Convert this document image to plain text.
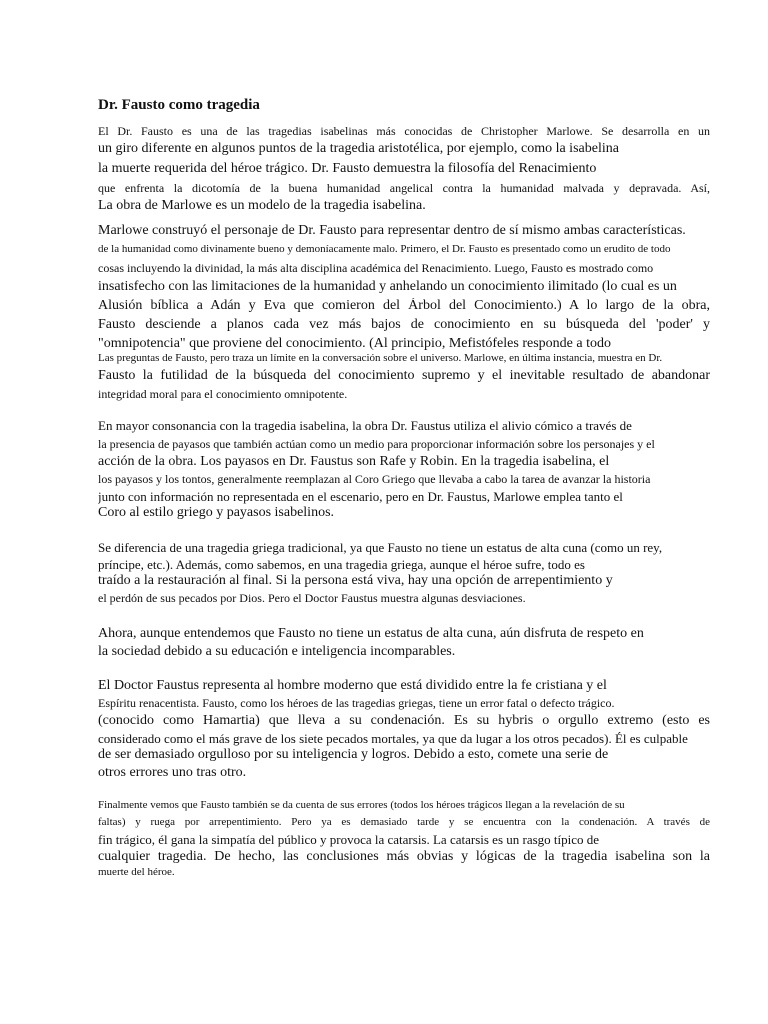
Dr. Fausto como tragedia
El Dr. Fausto es una de las tragedias isabelinas más conocidas de Christopher Marlowe. Se desarrolla en un
un giro diferente en algunos puntos de la tragedia aristotélica, por ejemplo, como la isabelina
la muerte requerida del héroe trágico. Dr. Fausto demuestra la filosofía del Renacimiento
que enfrenta la dicotomía de la buena humanidad angelical contra la humanidad malvada y depravada. Así,
La obra de Marlowe es un modelo de la tragedia isabelina.
Marlowe construyó el personaje de Dr. Fausto para representar dentro de sí mismo ambas características.
de la humanidad como divinamente bueno y demoníacamente malo. Primero, el Dr. Fausto es presentado como un erudito de todo
cosas incluyendo la divinidad, la más alta disciplina académica del Renacimiento. Luego, Fausto es mostrado como
insatisfecho con las limitaciones de la humanidad y anhelando un conocimiento ilimitado (lo cual es un
Alusión bíblica a Adán y Eva que comieron del Árbol del Conocimiento.) A lo largo de la obra,
Fausto desciende a planos cada vez más bajos de conocimiento en su búsqueda del 'poder' y
"omnipotencia" que proviene del conocimiento. (Al principio, Mefistófeles responde a todo
Las preguntas de Fausto, pero traza un límite en la conversación sobre el universo. Marlowe, en última instancia, muestra en Dr.
Fausto la futilidad de la búsqueda del conocimiento supremo y el inevitable resultado de abandonar
integridad moral para el conocimiento omnipotente.
En mayor consonancia con la tragedia isabelina, la obra Dr. Faustus utiliza el alivio cómico a través de
la presencia de payasos que también actúan como un medio para proporcionar información sobre los personajes y el
acción de la obra. Los payasos en Dr. Faustus son Rafe y Robin. En la tragedia isabelina, el
los payasos y los tontos, generalmente reemplazan al Coro Griego que llevaba a cabo la tarea de avanzar la historia
junto con información no representada en el escenario, pero en Dr. Faustus, Marlowe emplea tanto el
Coro al estilo griego y payasos isabelinos.
Se diferencia de una tragedia griega tradicional, ya que Fausto no tiene un estatus de alta cuna (como un rey,
príncipe, etc.). Además, como sabemos, en una tragedia griega, aunque el héroe sufre, todo es
traído a la restauración al final. Si la persona está viva, hay una opción de arrepentimiento y
el perdón de sus pecados por Dios. Pero el Doctor Faustus muestra algunas desviaciones.
Ahora, aunque entendemos que Fausto no tiene un estatus de alta cuna, aún disfruta de respeto en
la sociedad debido a su educación e inteligencia incomparables.
El Doctor Faustus representa al hombre moderno que está dividido entre la fe cristiana y el
Espíritu renacentista. Fausto, como los héroes de las tragedias griegas, tiene un error fatal o defecto trágico.
(conocido como Hamartia) que lleva a su condenación. Es su hybris o orgullo extremo (esto es
considerado como el más grave de los siete pecados mortales, ya que da lugar a los otros pecados). Él es culpable
de ser demasiado orgulloso por su inteligencia y logros. Debido a esto, comete una serie de
otros errores uno tras otro.
Finalmente vemos que Fausto también se da cuenta de sus errores (todos los héroes trágicos llegan a la revelación de su
faltas) y ruega por arrepentimiento. Pero ya es demasiado tarde y se encuentra con la condenación. A través de
fin trágico, él gana la simpatía del público y provoca la catarsis. La catarsis es un rasgo típico de
cualquier tragedia. De hecho, las conclusiones más obvias y lógicas de la tragedia isabelina son la
muerte del héroe.
